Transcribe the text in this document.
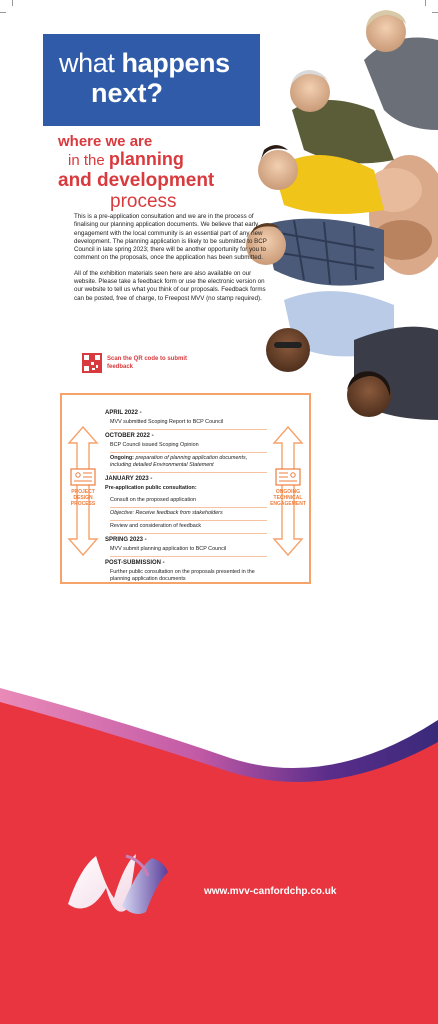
what happens
next?
where we are
in the planning
and development
process

This is a pre-application consultation and we are in the process of finalising our planning application documents. We believe that early engagement with the local community is an essential part of any new development. The planning application is likely to be submitted to BCP Council in late spring 2023; there will be another opportunity for you to comment on the proposals, once the application has been submitted.

All of the exhibition materials seen here are also available on our website. Please take a feedback form or use the electronic version on our website to tell us what you think of our proposals. Feedback forms can be posted, free of charge, to Freepost MVV (no stamp required).

Scan the QR code to submit feedback
PROJECT DESIGN PROCESS
ONGOING TECHNICAL ENGAGEMENT
APRIL 2022 -
MVV submitted Scoping Report to BCP Council
OCTOBER 2022 -
BCP Council issued Scoping Opinion
Ongoing: preparation of planning application documents, including detailed Environmental Statement
JANUARY 2023 -
Pre-application public consultation:
Consult on the proposed application
Objective: Receive feedback from stakeholders
Review and consideration of feedback
SPRING 2023 -
MVV submit planning application to BCP Council
POST-SUBMISSION -
Further public consultation on the proposals presented in the planning application documents
www.mvv-canfordchp.co.uk
